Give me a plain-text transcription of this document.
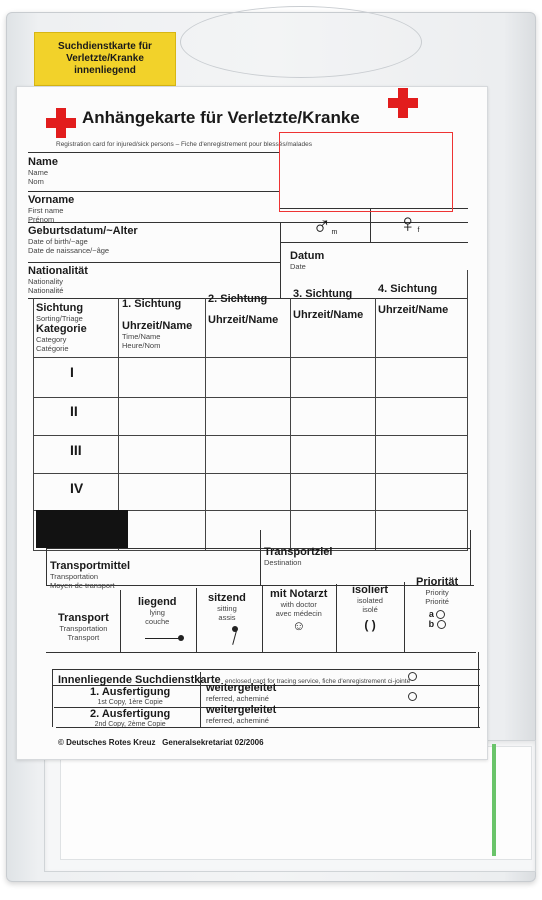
Suchdienstkarte für
Verletzte/Kranke
innenliegend
Anhängekarte für Verletzte/Kranke
Registration card for injured/sick persons – Fiche d'enregistrement pour blessés/malades
Name
Name
Nom
Vorname
First name
Prénom
Geburtsdatum/~Alter
Date of birth/~age
Date de naissance/~âge
Nationalität
Nationality
Nationalité
♂m ♀f
Datum
Date
Sichtung
Sorting/Triage
Kategorie
Category
Catégorie
1. Sichtung
Uhrzeit/Name
Time/Name
Heure/Nom
2. Sichtung
Uhrzeit/Name
3. Sichtung
Uhrzeit/Name
4. Sichtung
Uhrzeit/Name
I
II
III
IV
Transportmittel
Transportation
Moyen de transport
Transportziel
Destination
Transport
Transportation
Transport
liegend
lying
couche
sitzend
sitting
assis
mit Notarzt
with doctor
avec médecin
☺
isoliert
isolated
isolé
( )
Priorität
Priority
Priorité
a
b
Innenliegende Suchdienstkarte enclosed card for tracing service, fiche d'enregistrement ci-jointe
1. Ausfertigung
1st Copy, 1ère Copie
weitergeleitet
referred, acheminé
2. Ausfertigung
2nd Copy, 2ème Copie
weitergeleitet
referred, acheminé
© Deutsches Rotes Kreuz Generalsekretariat 02/2006
